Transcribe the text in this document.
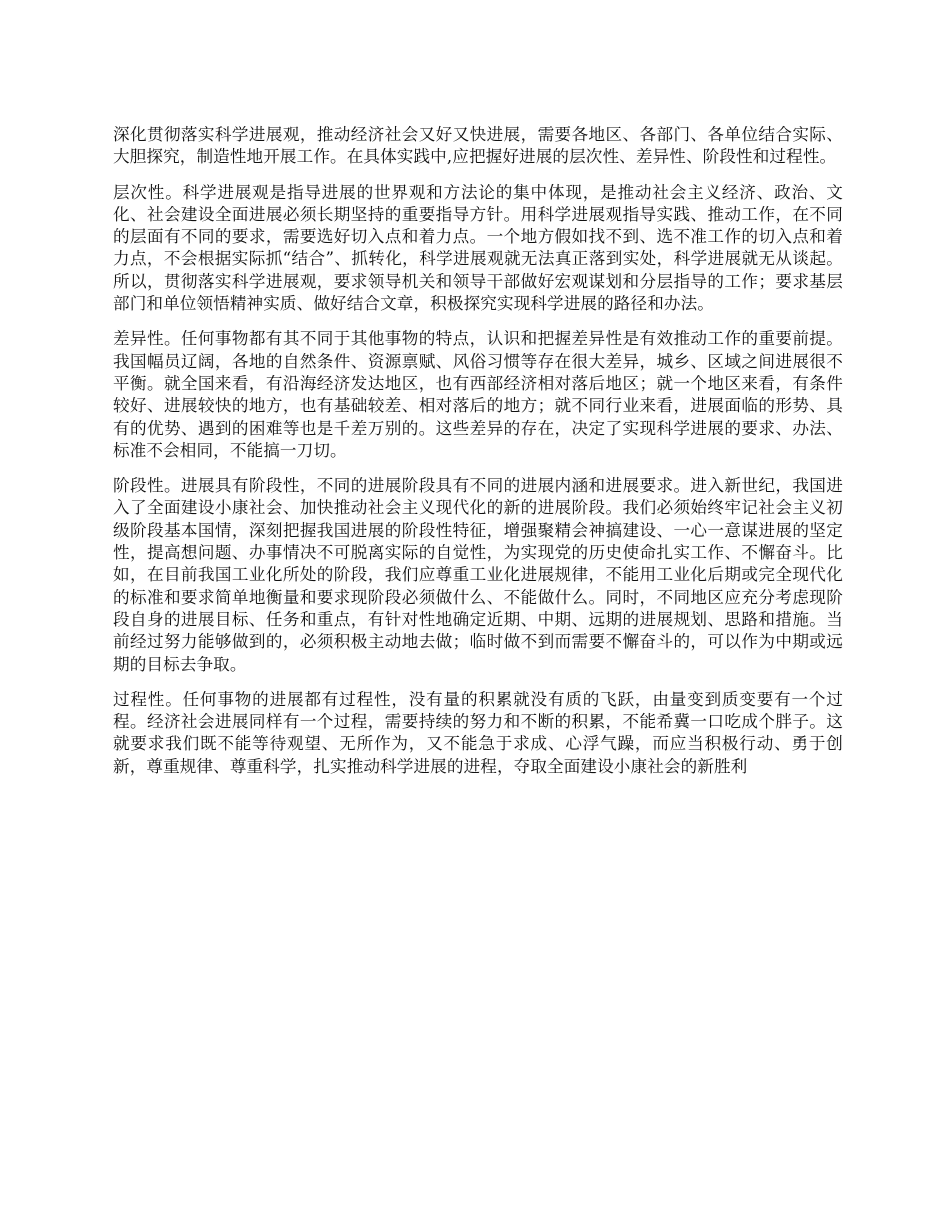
深化贯彻落实科学进展观，推动经济社会又好又快进展，需要各地区、各部门、各单位结合实际、大胆探究，制造性地开展工作。在具体实践中,应把握好进展的层次性、差异性、阶段性和过程性。

层次性。科学进展观是指导进展的世界观和方法论的集中体现，是推动社会主义经济、政治、文化、社会建设全面进展必须长期坚持的重要指导方针。用科学进展观指导实践、推动工作，在不同的层面有不同的要求，需要选好切入点和着力点。一个地方假如找不到、选不准工作的切入点和着力点，不会根据实际抓“结合”、抓转化，科学进展观就无法真正落到实处，科学进展就无从谈起。所以，贯彻落实科学进展观，要求领导机关和领导干部做好宏观谋划和分层指导的工作；要求基层部门和单位领悟精神实质、做好结合文章，积极探究实现科学进展的路径和办法。

差异性。任何事物都有其不同于其他事物的特点，认识和把握差异性是有效推动工作的重要前提。我国幅员辽阔，各地的自然条件、资源禀赋、风俗习惯等存在很大差异，城乡、区域之间进展很不平衡。就全国来看，有沿海经济发达地区，也有西部经济相对落后地区；就一个地区来看，有条件较好、进展较快的地方，也有基础较差、相对落后的地方；就不同行业来看，进展面临的形势、具有的优势、遇到的困难等也是千差万别的。这些差异的存在，决定了实现科学进展的要求、办法、标准不会相同，不能搞一刀切。

阶段性。进展具有阶段性，不同的进展阶段具有不同的进展内涵和进展要求。进入新世纪，我国进入了全面建设小康社会、加快推动社会主义现代化的新的进展阶段。我们必须始终牢记社会主义初级阶段基本国情，深刻把握我国进展的阶段性特征，增强聚精会神搞建设、一心一意谋进展的坚定性，提高想问题、办事情决不可脱离实际的自觉性，为实现党的历史使命扎实工作、不懈奋斗。比如，在目前我国工业化所处的阶段，我们应尊重工业化进展规律，不能用工业化后期或完全现代化的标准和要求简单地衡量和要求现阶段必须做什么、不能做什么。同时，不同地区应充分考虑现阶段自身的进展目标、任务和重点，有针对性地确定近期、中期、远期的进展规划、思路和措施。当前经过努力能够做到的，必须积极主动地去做；临时做不到而需要不懈奋斗的，可以作为中期或远期的目标去争取。

过程性。任何事物的进展都有过程性，没有量的积累就没有质的飞跃，由量变到质变要有一个过程。经济社会进展同样有一个过程，需要持续的努力和不断的积累，不能希冀一口吃成个胖子。这就要求我们既不能等待观望、无所作为，又不能急于求成、心浮气躁，而应当积极行动、勇于创新，尊重规律、尊重科学，扎实推动科学进展的进程，夺取全面建设小康社会的新胜利
